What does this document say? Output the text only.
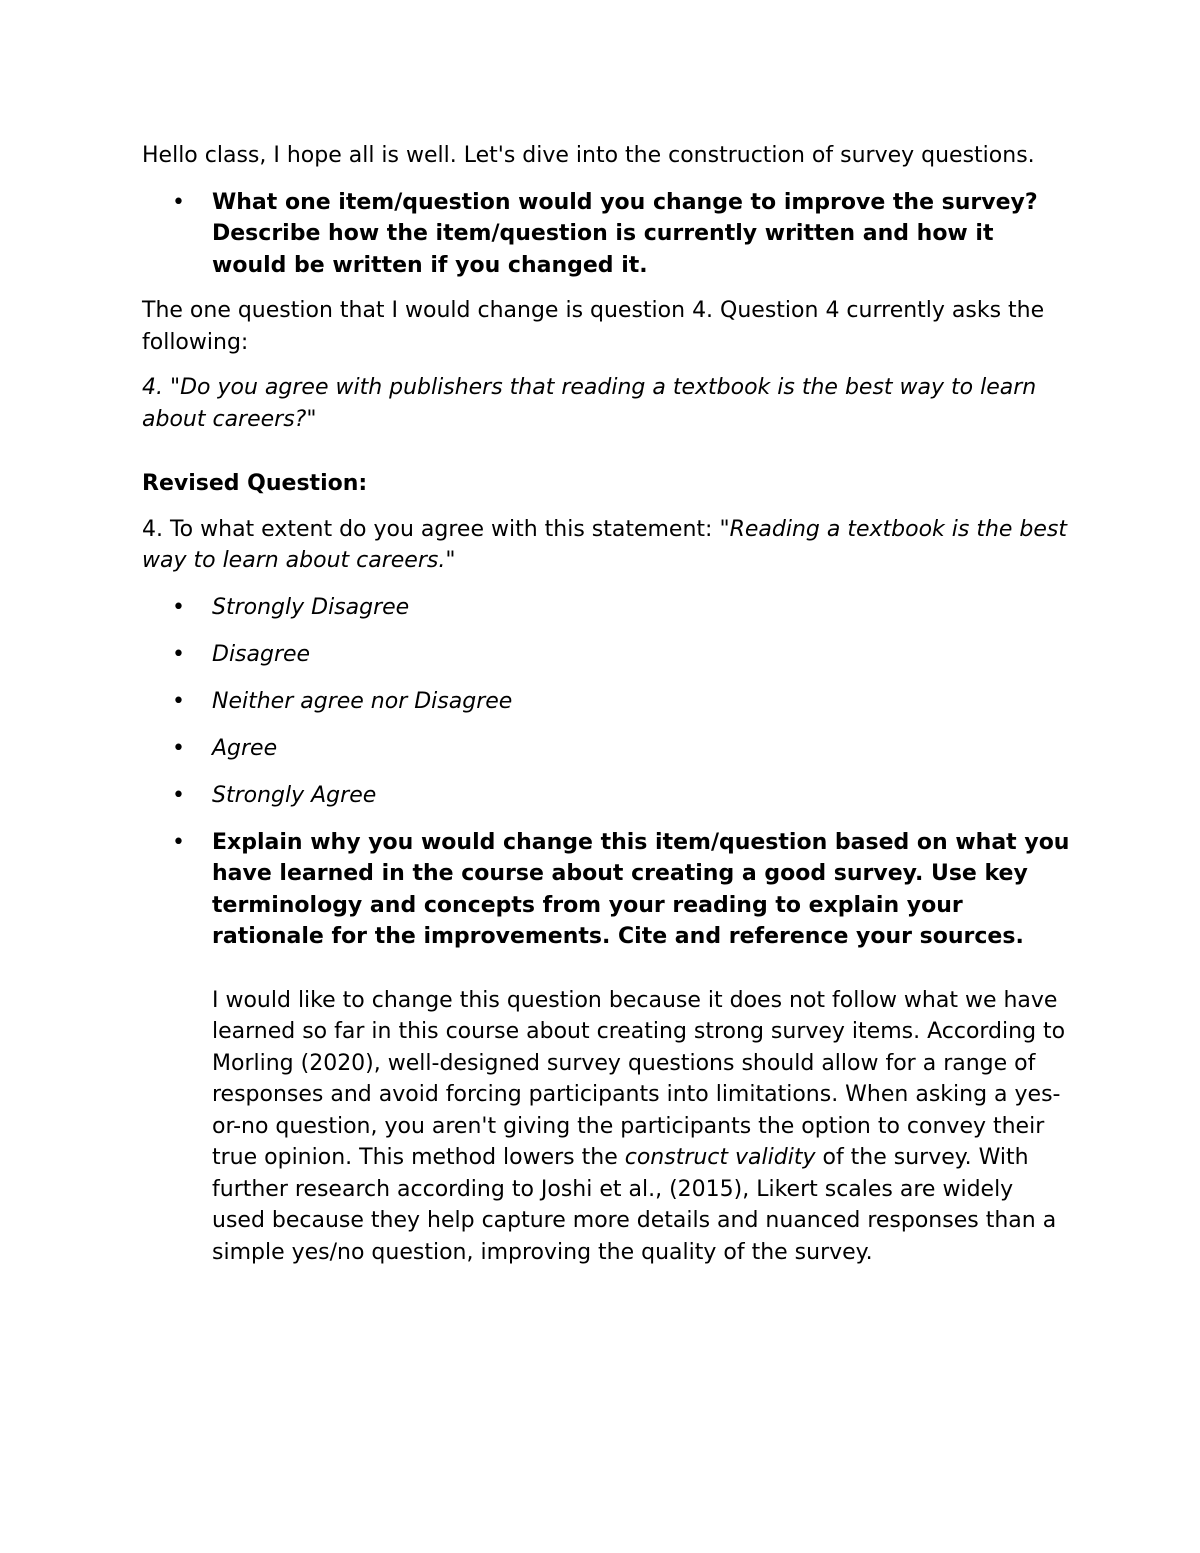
Hello class, I hope all is well. Let's dive into the construction of survey questions.

• What one item/question would you change to improve the survey? Describe how the item/question is currently written and how it would be written if you changed it.

The one question that I would change is question 4. Question 4 currently asks the following:

4. "Do you agree with publishers that reading a textbook is the best way to learn about careers?"

Revised Question:

4. To what extent do you agree with this statement: "Reading a textbook is the best way to learn about careers."

• Strongly Disagree
• Disagree
• Neither agree nor Disagree
• Agree
• Strongly Agree
• Explain why you would change this item/question based on what you have learned in the course about creating a good survey. Use key terminology and concepts from your reading to explain your rationale for the improvements. Cite and reference your sources.

I would like to change this question because it does not follow what we have learned so far in this course about creating strong survey items. According to Morling (2020), well-designed survey questions should allow for a range of responses and avoid forcing participants into limitations. When asking a yes-or-no question, you aren't giving the participants the option to convey their true opinion. This method lowers the construct validity of the survey. With further research according to Joshi et al., (2015), Likert scales are widely used because they help capture more details and nuanced responses than a simple yes/no question, improving the quality of the survey.
